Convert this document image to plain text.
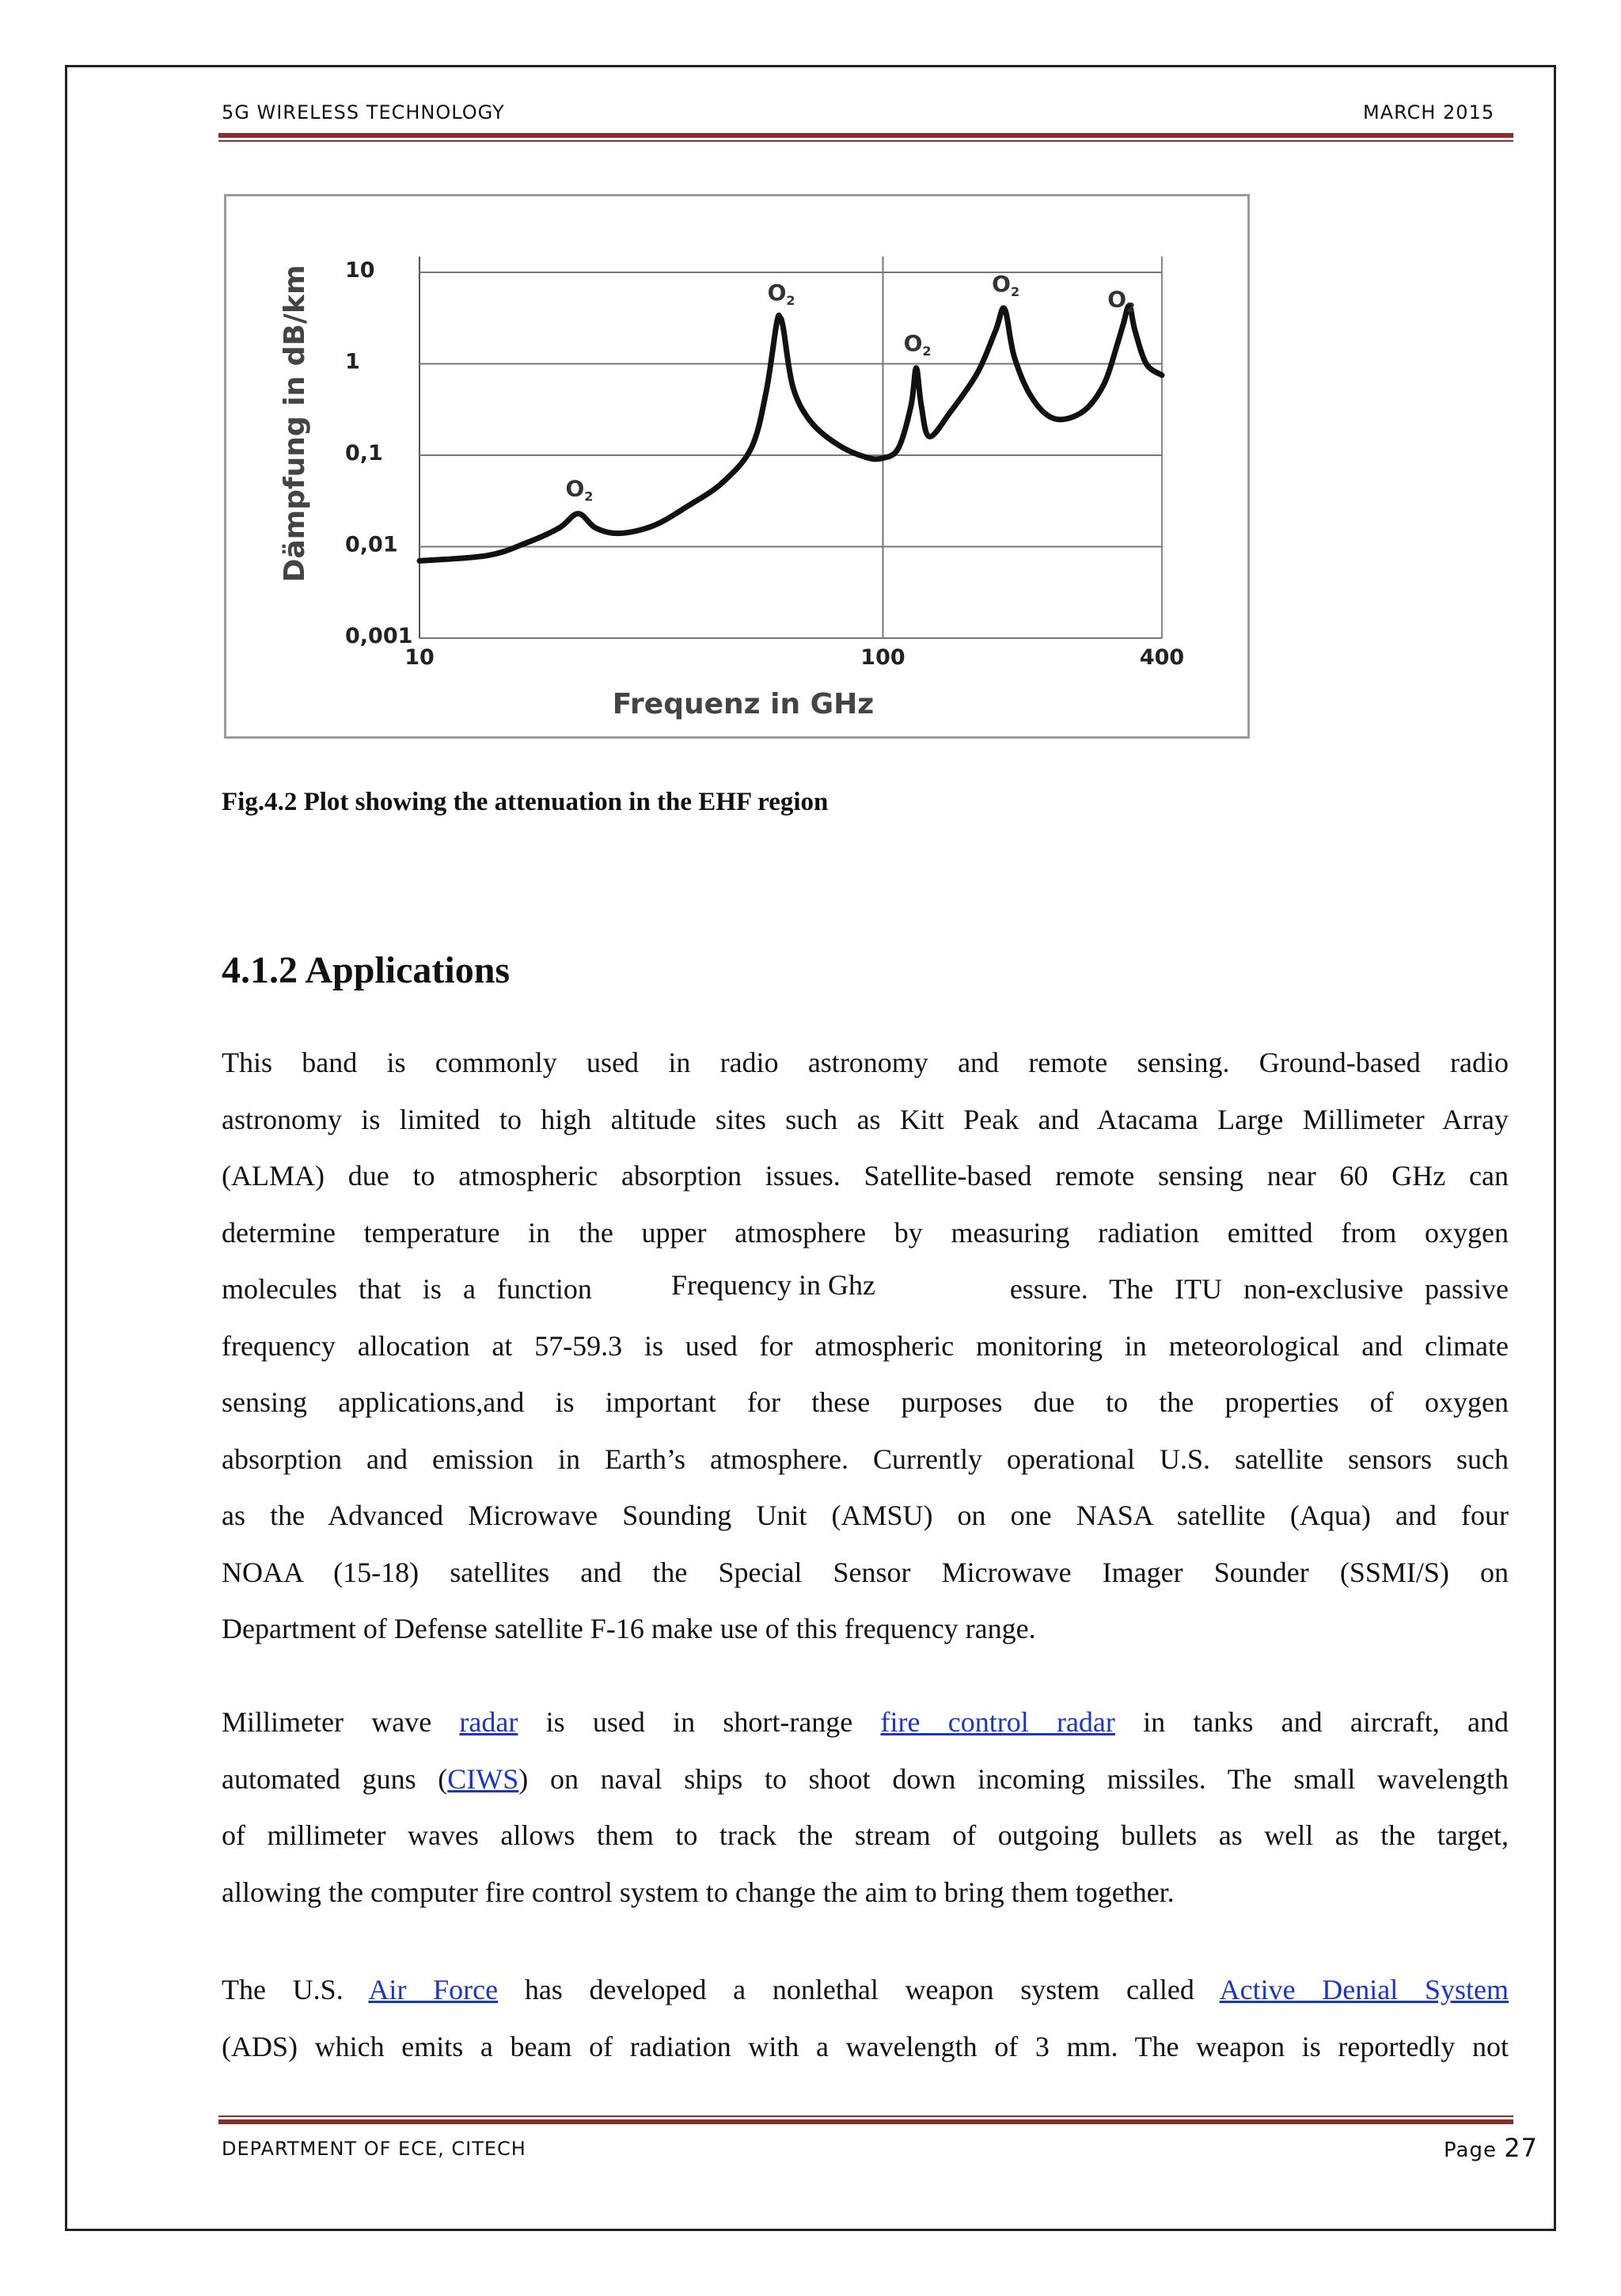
5G WIRELESS TECHNOLOGY	MARCH 2015
10
1
0,1
0,01
0,001
10	100	400
Frequenz in GHz
Dämpfung in dB/km	$O_2$
$O_2$
$O_2$
$O_2$	$O_2$
Fig.4.2 Plot showing the attenuation in the EHF region
4.1.2 Applications
This band is commonly used in radio astronomy and remote sensing. Ground-based radio
astronomy is limited to high altitude sites such as Kitt Peak and Atacama Large Millimeter Array
(ALMA) due to atmospheric absorption issues. Satellite-based remote sensing near 60 GHz can
determine temperature in the upper atmosphere by measuring radiation emitted from oxygen
molecules that is a function	essure. The ITU non-exclusive passive
frequency allocation at 57-59.3 is used for atmospheric monitoring in meteorological and climate
sensing applications,and is important for these purposes due to the properties of oxygen
absorption and emission in Earth’s atmosphere. Currently operational U.S. satellite sensors such
as the Advanced Microwave Sounding Unit (AMSU) on one NASA satellite (Aqua) and four
NOAA (15-18) satellites and the Special Sensor Microwave Imager Sounder (SSMI/S) on
Department of Defense satellite F-16 make use of this frequency range.
Frequency in Ghz
Millimeter wave radar is used in short-range fire control radar in tanks and aircraft, and
automated guns (CIWS) on naval ships to shoot down incoming missiles. The small wavelength
of millimeter waves allows them to track the stream of outgoing bullets as well as the target,
allowing the computer fire control system to change the aim to bring them together.
The U.S. Air Force has developed a nonlethal weapon system called Active Denial System
(ADS) which emits a beam of radiation with a wavelength of 3 mm. The weapon is reportedly not
DEPARTMENT OF ECE, CITECH	Page 27
